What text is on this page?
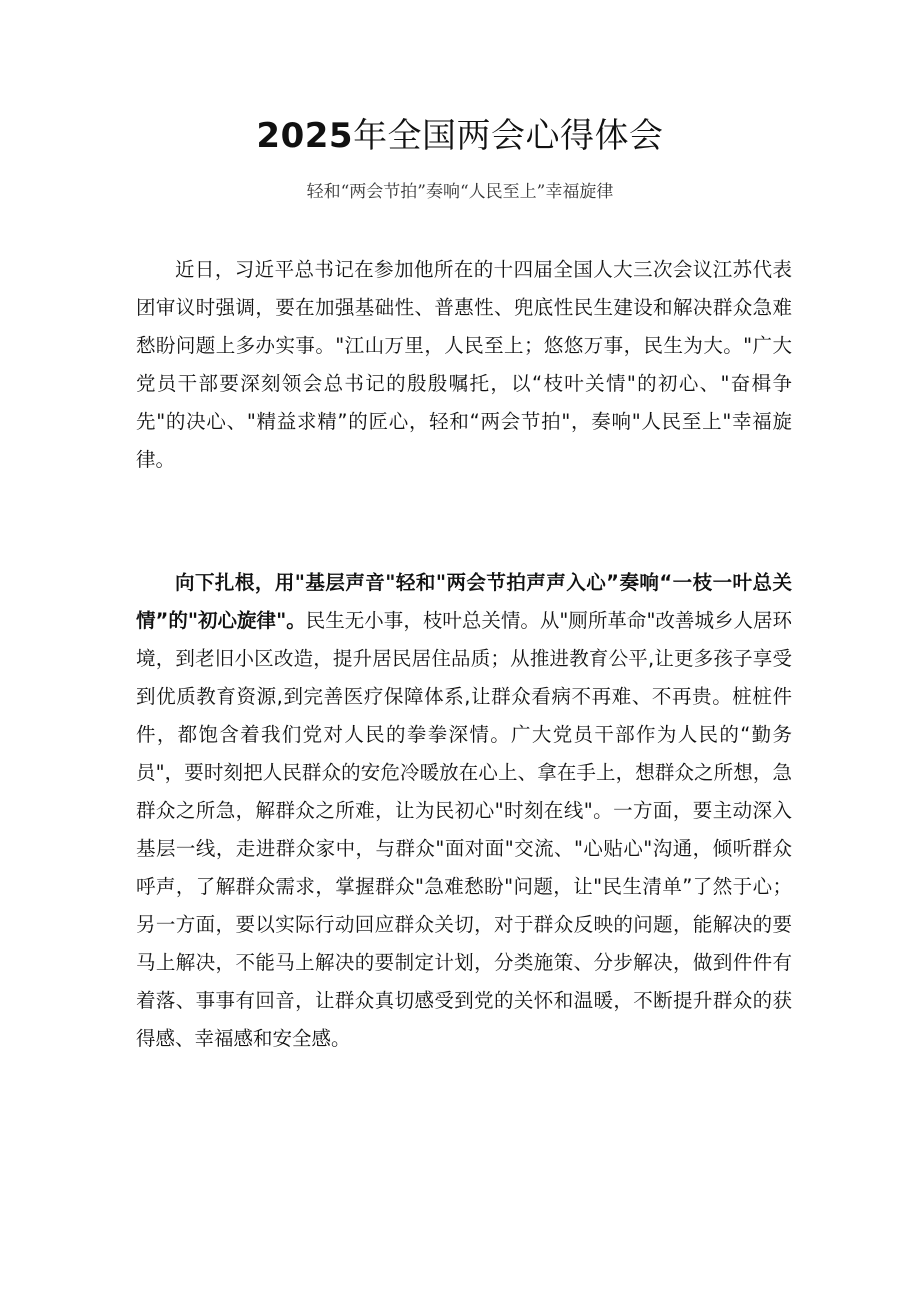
2025年全国两会心得体会

轻和“两会节拍”奏响“人民至上”幸福旋律

近日，习近平总书记在参加他所在的十四届全国人大三次会议江苏代表团审议时强调，要在加强基础性、普惠性、兜底性民生建设和解决群众急难愁盼问题上多办实事。"江山万里，人民至上；悠悠万事，民生为大。"广大党员干部要深刻领会总书记的殷殷嘱托，以“枝叶关情"的初心、"奋楫争先"的决心、"精益求精”的匠心，轻和“两会节拍"，奏响"人民至上"幸福旋律。

向下扎根，用"基层声音"轻和"两会节拍声声入心”奏响“一枝一叶总关情”的"初心旋律"。民生无小事，枝叶总关情。从"厕所革命"改善城乡人居环境，到老旧小区改造，提升居民居住品质；从推进教育公平,让更多孩子享受到优质教育资源,到完善医疗保障体系,让群众看病不再难、不再贵。桩桩件件，都饱含着我们党对人民的拳拳深情。广大党员干部作为人民的“勤务员"，要时刻把人民群众的安危冷暖放在心上、拿在手上，想群众之所想，急群众之所急，解群众之所难，让为民初心"时刻在线"。一方面，要主动深入基层一线，走进群众家中，与群众"面对面"交流、"心贴心"沟通，倾听群众呼声，了解群众需求，掌握群众"急难愁盼"问题，让"民生清单”了然于心；另一方面，要以实际行动回应群众关切，对于群众反映的问题，能解决的要马上解决，不能马上解决的要制定计划，分类施策、分步解决，做到件件有着落、事事有回音，让群众真切感受到党的关怀和温暖，不断提升群众的获得感、幸福感和安全感。
